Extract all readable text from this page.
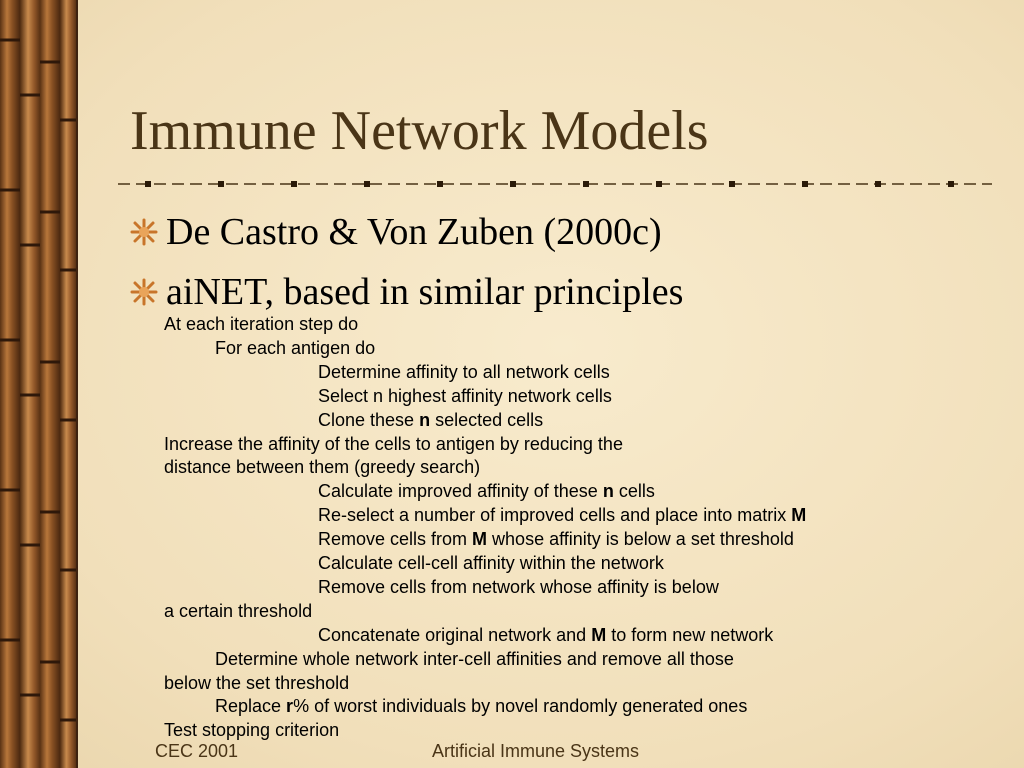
Immune Network Models
De Castro & Von Zuben (2000c)
aiNET, based in similar principles
At each iteration step do
For each antigen do
Determine affinity to all network cells
Select n highest affinity network cells
Clone these n selected cells
Increase the affinity of the cells to antigen by reducing the
distance between them (greedy search)
Calculate improved affinity of these n cells
Re-select a number of improved cells and place into matrix M
Remove cells from M whose affinity is below a set threshold
Calculate cell-cell affinity within the network
Remove cells from network whose affinity is below
a certain threshold
Concatenate original network and M to form new network
Determine whole network inter-cell affinities and remove all those
below the set threshold
Replace r% of worst individuals by novel randomly generated ones
Test stopping criterion
CEC 2001	Artificial Immune Systems
